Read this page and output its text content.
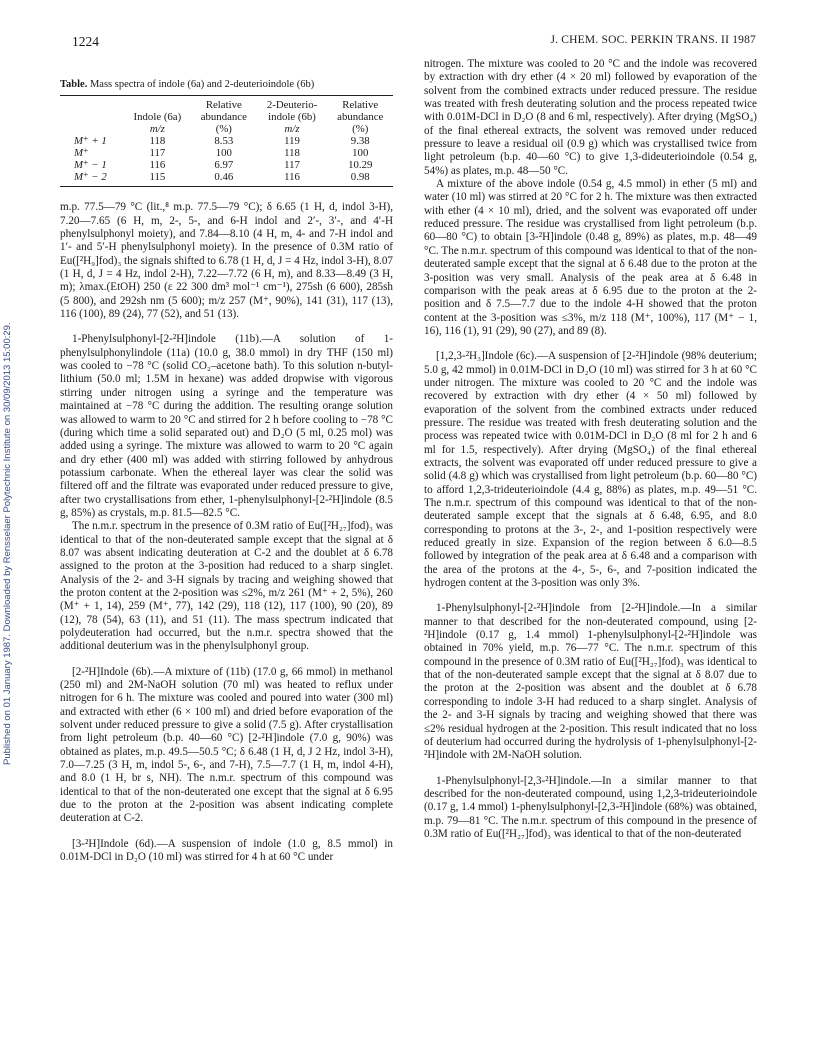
1224	J. CHEM. SOC. PERKIN TRANS. II 1987
Published on 01 January 1987. Downloaded by Rensselaer Polytechnic Institute on 30/09/2013 15:00:29.
Table. Mass spectra of indole (6a) and 2-deuterioindole (6b)
		Relative	2-Deuterio-	Relative
	Indole (6a)	abundance	indole (6b)	abundance
	m/z	(%)	m/z	(%)
M⁺ + 1	118	8.53	119	9.38
M⁺	117	100	118	100
M⁺ − 1	116	6.97	117	10.29
M⁺ − 2	115	0.46	116	0.98

m.p. 77.5—79 °C (lit.,⁸ m.p. 77.5—79 °C); δ 6.65 (1 H, d, indol 3-H), 7.20—7.65 (6 H, m, 2-, 5-, and 6-H indol and 2′-, 3′-, and 4′-H phenylsulphonyl moiety), and 7.84—8.10 (4 H, m, 4- and 7-H indol and 1′- and 5′-H phenylsulphonyl moiety). In the presence of 0.3M ratio of Eu([²H₉]fod)₃ the signals shifted to 6.78 (1 H, d, J = 4 Hz, indol 3-H), 8.07 (1 H, d, J = 4 Hz, indol 2-H), 7.22—7.72 (6 H, m), and 8.33—8.49 (3 H, m); λmax.(EtOH) 250 (ε 22 300 dm³ mol⁻¹ cm⁻¹), 275sh (6 600), 285sh (5 800), and 292sh nm (5 600); m/z 257 (M⁺, 90%), 141 (31), 117 (13), 116 (100), 89 (24), 77 (52), and 51 (13).

1-Phenylsulphonyl-[2-²H]indole (11b).—A solution of 1-phenylsulphonylindole (11a) (10.0 g, 38.0 mmol) in dry THF (150 ml) was cooled to −78 °C (solid CO₂–acetone bath). To this solution n-butyl-lithium (50.0 ml; 1.5M in hexane) was added dropwise with vigorous stirring under nitrogen using a syringe and the temperature was maintained at −78 °C during the addition. The resulting orange solution was allowed to warm to 20 °C and stirred for 2 h before cooling to −78 °C (during which time a solid separated out) and D₂O (5 ml, 0.25 mol) was added using a syringe. The mixture was allowed to warm to 20 °C again and dry ether (400 ml) was added with stirring followed by anhydrous potassium carbonate. When the ethereal layer was clear the solid was filtered off and the filtrate was evaporated under reduced pressure to give, after two crystallisations from ether, 1-phenylsulphonyl-[2-²H]indole (8.5 g, 85%) as crystals, m.p. 81.5—82.5 °C.

The n.m.r. spectrum in the presence of 0.3M ratio of Eu([²H₂₇]fod)₃ was identical to that of the non-deuterated sample except that the signal at δ 8.07 was absent indicating deuteration at C-2 and the doublet at δ 6.78 assigned to the proton at the 3-position had reduced to a sharp singlet. Analysis of the 2- and 3-H signals by tracing and weighing showed that the proton content at the 2-position was ≤2%, m/z 261 (M⁺ + 2, 5%), 260 (M⁺ + 1, 14), 259 (M⁺, 77), 142 (29), 118 (12), 117 (100), 90 (20), 89 (12), 78 (54), 63 (11), and 51 (11). The mass spectrum indicated that polydeuteration had occurred, but the n.m.r. spectra showed that the additional deuterium was in the phenylsulphonyl group.

[2-²H]Indole (6b).—A mixture of (11b) (17.0 g, 66 mmol) in methanol (250 ml) and 2M-NaOH solution (70 ml) was heated to reflux under nitrogen for 6 h. The mixture was cooled and poured into water (300 ml) and extracted with ether (6 × 100 ml) and dried before evaporation of the solvent under reduced pressure to give a solid (7.5 g). After crystallisation from light petroleum (b.p. 40—60 °C) [2-²H]indole (7.0 g, 90%) was obtained as plates, m.p. 49.5—50.5 °C; δ 6.48 (1 H, d, J 2 Hz, indol 3-H), 7.0—7.25 (3 H, m, indol 5-, 6-, and 7-H), 7.5—7.7 (1 H, m, indol 4-H), and 8.0 (1 H, br s, NH). The n.m.r. spectrum of this compound was identical to that of the non-deuterated one except that the signal at δ 6.95 due to the proton at the 2-position was absent indicating complete deuteration at C-2.

[3-²H]Indole (6d).—A suspension of indole (1.0 g, 8.5 mmol) in 0.01M-DCl in D₂O (10 ml) was stirred for 4 h at 60 °C under

nitrogen. The mixture was cooled to 20 °C and the indole was recovered by extraction with dry ether (4 × 20 ml) followed by evaporation of the solvent from the combined extracts under reduced pressure. The residue was treated with fresh deuterating solution and the process repeated twice with 0.01M-DCl in D₂O (8 and 6 ml, respectively). After drying (MgSO₄) of the final ethereal extracts, the solvent was removed under reduced pressure to leave a residual oil (0.9 g) which was crystallised twice from light petroleum (b.p. 40—60 °C) to give 1,3-dideuterioindole (0.54 g, 54%) as plates, m.p. 48—50 °C.

A mixture of the above indole (0.54 g, 4.5 mmol) in ether (5 ml) and water (10 ml) was stirred at 20 °C for 2 h. The mixture was then extracted with ether (4 × 10 ml), dried, and the solvent was evaporated off under reduced pressure. The residue was crystallised from light petroleum (b.p. 60—80 °C) to obtain [3-²H]indole (0.48 g, 89%) as plates, m.p. 48—49 °C. The n.m.r. spectrum of this compound was identical to that of the non-deuterated sample except that the signal at δ 6.48 due to the proton at the 3-position was very small. Analysis of the peak area at δ 6.48 in comparison with the peak areas at δ 6.95 due to the proton at the 2-position and δ 7.5—7.7 due to the indole 4-H showed that the proton content at the 3-position was ≤3%, m/z 118 (M⁺, 100%), 117 (M⁺ − 1, 16), 116 (1), 91 (29), 90 (27), and 89 (8).

[1,2,3-²H₃]Indole (6c).—A suspension of [2-²H]indole (98% deuterium; 5.0 g, 42 mmol) in 0.01M-DCl in D₂O (10 ml) was stirred for 3 h at 60 °C under nitrogen. The mixture was cooled to 20 °C and the indole was recovered by extraction with dry ether (4 × 50 ml) followed by evaporation of the solvent from the combined extracts under reduced pressure. The residue was treated with fresh deuterating solution and the process was repeated twice with 0.01M-DCl in D₂O (8 ml for 2 h and 6 ml for 1.5, respectively). After drying (MgSO₄) of the final ethereal extracts, the solvent was evaporated off under reduced pressure to give a solid (4.8 g) which was crystallised from light petroleum (b.p. 60—80 °C) to afford 1,2,3-trideuterioindole (4.4 g, 88%) as plates, m.p. 49—51 °C. The n.m.r. spectrum of this compound was identical to that of the non-deuterated sample except that the signals at δ 6.48, 6.95, and 8.0 corresponding to protons at the 3-, 2-, and 1-position respectively were reduced greatly in size. Expansion of the region between δ 6.0—8.5 followed by integration of the peak area at δ 6.48 and a comparison with the area of the protons at the 4-, 5-, 6-, and 7-position indicated the hydrogen content at the 3-position was only 3%.

1-Phenylsulphonyl-[2-²H]indole from [2-²H]indole.—In a similar manner to that described for the non-deuterated compound, using [2-²H]indole (0.17 g, 1.4 mmol) 1-phenylsulphonyl-[2-²H]indole was obtained in 70% yield, m.p. 76—77 °C. The n.m.r. spectrum of this compound in the presence of 0.3M ratio of Eu([²H₂₇]fod)₃ was identical to that of the non-deuterated sample except that the signal at δ 8.07 due to the proton at the 2-position was absent and the doublet at δ 6.78 corresponding to indole 3-H had reduced to a sharp singlet. Analysis of the 2- and 3-H signals by tracing and weighing showed that there was ≤2% residual hydrogen at the 2-position. This result indicated that no loss of deuterium had occurred during the hydrolysis of 1-phenylsulphonyl-[2-²H]indole with 2M-NaOH solution.

1-Phenylsulphonyl-[2,3-²H]indole.—In a similar manner to that described for the non-deuterated compound, using 1,2,3-trideuterioindole (0.17 g, 1.4 mmol) 1-phenylsulphonyl-[2,3-²H]indole (68%) was obtained, m.p. 79—81 °C. The n.m.r. spectrum of this compound in the presence of 0.3M ratio of Eu([²H₂₇]fod)₃ was identical to that of the non-deuterated
